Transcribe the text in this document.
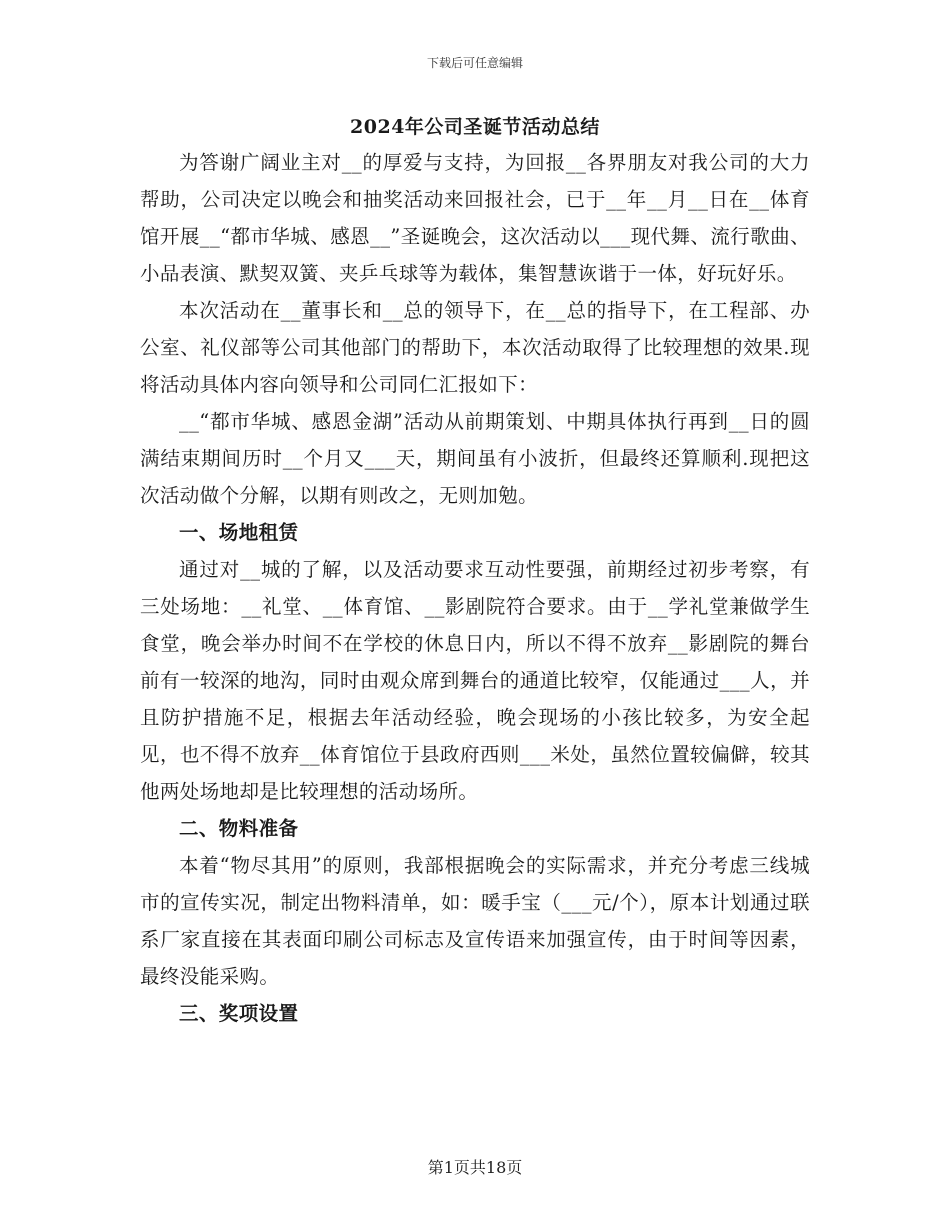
下载后可任意编辑
2024年公司圣诞节活动总结

为答谢广阔业主对__的厚爱与支持，为回报__各界朋友对我公司的大力帮助，公司决定以晚会和抽奖活动来回报社会，已于__年__月__日在__体育馆开展__“都市华城、感恩__”圣诞晚会，这次活动以___现代舞、流行歌曲、小品表演、默契双簧、夹乒乓球等为载体，集智慧诙谐于一体，好玩好乐。

本次活动在__董事长和__总的领导下，在__总的指导下，在工程部、办公室、礼仪部等公司其他部门的帮助下，本次活动取得了比较理想的效果.现将活动具体内容向领导和公司同仁汇报如下：

__“都市华城、感恩金湖”活动从前期策划、中期具体执行再到__日的圆满结束期间历时__个月又___天，期间虽有小波折，但最终还算顺利.现把这次活动做个分解，以期有则改之，无则加勉。

一、场地租赁

通过对__城的了解，以及活动要求互动性要强，前期经过初步考察，有三处场地：__礼堂、__体育馆、__影剧院符合要求。由于__学礼堂兼做学生食堂，晚会举办时间不在学校的休息日内，所以不得不放弃__影剧院的舞台前有一较深的地沟，同时由观众席到舞台的通道比较窄，仅能通过___人，并且防护措施不足，根据去年活动经验，晚会现场的小孩比较多，为安全起见，也不得不放弃__体育馆位于县政府西则___米处，虽然位置较偏僻，较其他两处场地却是比较理想的活动场所。

二、物料准备

本着“物尽其用”的原则，我部根据晚会的实际需求，并充分考虑三线城市的宣传实况，制定出物料清单，如：暖手宝（___元/个），原本计划通过联系厂家直接在其表面印刷公司标志及宣传语来加强宣传，由于时间等因素，最终没能采购。

三、奖项设置

第1页共18页
